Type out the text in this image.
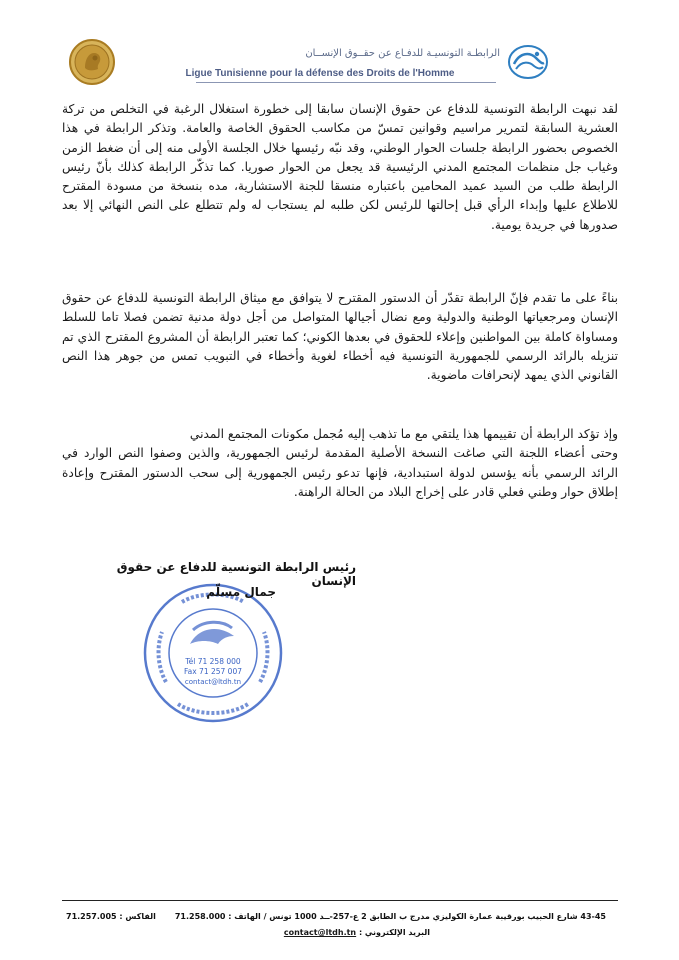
الرابطـة التونسيـة للدفـاع عن حقــوق الإنســان
Ligue Tunisienne pour la défense des Droits de l'Homme
لقد نبهت الرابطة التونسية للدفاع عن حقوق الإنسان سابقا إلى خطورة استغلال الرغبة في التخلص من تركة العشرية السابقة لتمرير مراسيم وقوانين تمسّ من مكاسب الحقوق الخاصة والعامة. وتذكر الرابطة في هذا الخصوص بحضور الرابطة جلسات الحوار الوطني، وقد نبّه رئيسها خلال الجلسة الأولى منه إلى أن ضغط الزمن وغياب جل منظمات المجتمع المدني الرئيسية قد يجعل من الحوار صوريا. كما تذكّر الرابطة كذلك بأنّ رئيس الرابطة طلب من السيد عميد المحامين باعتباره منسقا للجنة الاستشارية، مده بنسخة من مسودة المقترح للاطلاع عليها وإبداء الرأي قبل إحالتها للرئيس لكن طلبه لم يستجاب له ولم تتطلع على النص النهائي إلا بعد صدورها في جريدة يومية.
بناءً على ما تقدم فإنّ الرابطة تقدّر أن الدستور المقترح لا يتوافق مع ميثاق الرابطة التونسية للدفاع عن حقوق الإنسان ومرجعياتها الوطنية والدولية ومع نضال أجيالها المتواصل من أجل دولة مدنية تضمن فصلا تاما للسلط ومساواة كاملة بين المواطنين وإعلاء للحقوق في بعدها الكوني؛ كما تعتبر الرابطة أن المشروع المقترح الذي تم تنزيله بالرائد الرسمي للجمهورية التونسية فيه أخطاء لغوية وأخطاء في التبويب تمس من جوهر هذا النص القانوني الذي يمهد لإنحرافات ماضوية.
وإذ تؤكد الرابطة أن تقييمها هذا يلتقي مع ما تذهب إليه مُجمل مكونات المجتمع المدني
وحتى أعضاء اللجنة التي صاغت النسخة الأصلية المقدمة لرئيس الجمهورية، والذين وصفوا النص الوارد في الرائد الرسمي بأنه يؤسس لدولة استبدادية، فإنها تدعو رئيس الجمهورية إلى سحب الدستور المقترح وإعادة إطلاق حوار وطني فعلي قادر على إخراج البلاد من الحالة الراهنة.
Tél 71 258 000
Fax 71 257 007
contact@ltdh.tn
رئيس الرابطة التونسية للدفاع عن حقوق الإنسان
جمال مسلّم
43-45 شارع الحبيب بورقيبة عمارة الكوليزي مدرج ب الطابق 2 ع-257-ــد 1000 تونس / الهاتف : 71.258.000
الفاكس : 71.257.005
البريد الإلكتروني : contact@ltdh.tn
